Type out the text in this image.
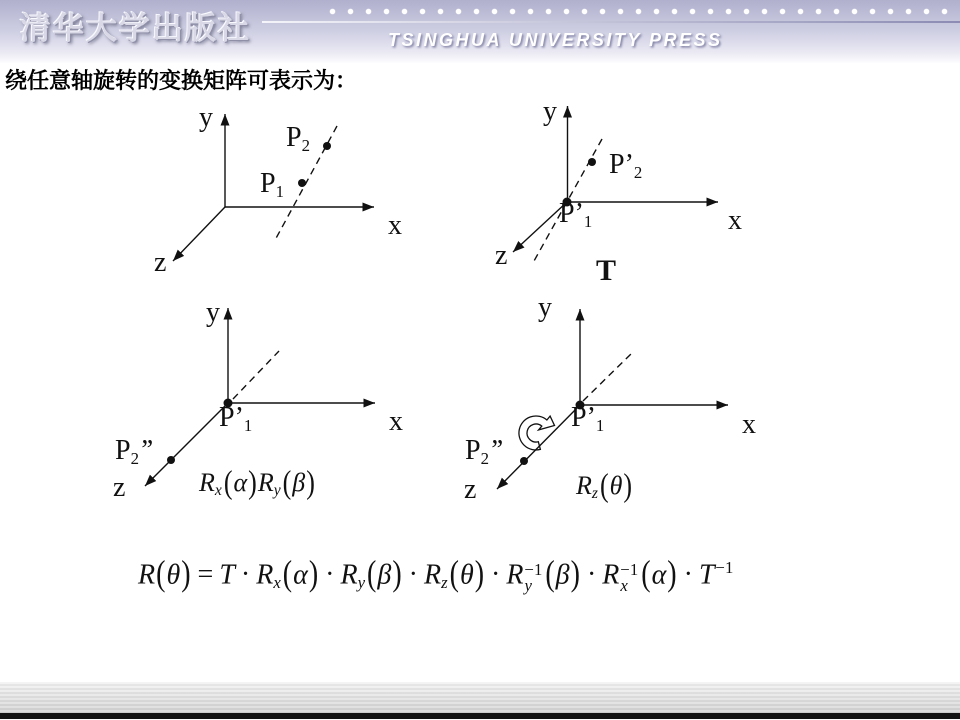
清华大学出版社	TSINGHUA UNIVERSITY PRESS
绕任意轴旋转的变换矩阵可表示为：
y
x
z
P2
P1
y
x
z
P’2
P’1
T
y
x
z
P’1
P2’’
Rx(α)Ry(β)
y
x
z
P’1
P2’’
Rz(θ)
R(θ) = T · Rx(α) · Ry(β) · Rz(θ) · R −1
y (β) · R −1
x $(\alpha) \cdot T^{-1}$
